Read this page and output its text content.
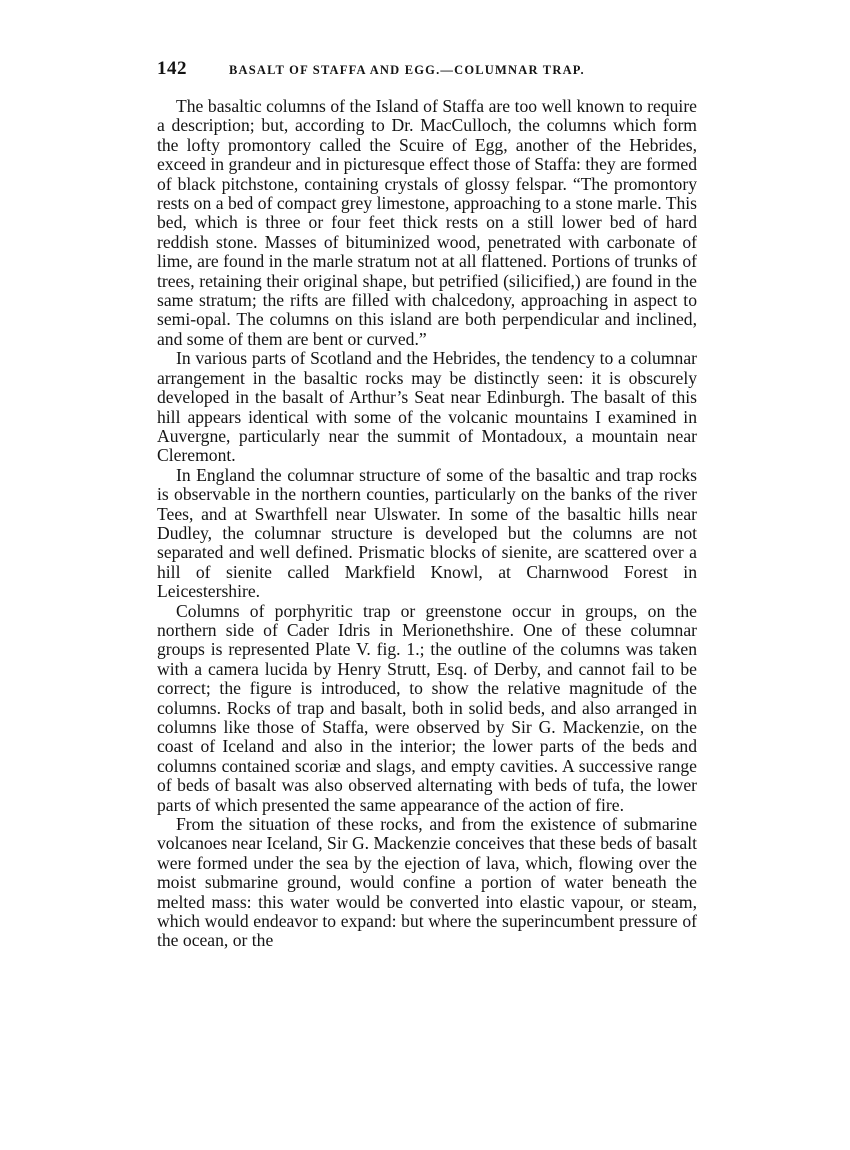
142	BASALT OF STAFFA AND EGG.—COLUMNAR TRAP.

The basaltic columns of the Island of Staffa are too well known to require a description; but, according to Dr. MacCulloch, the columns which form the lofty promontory called the Scuire of Egg, another of the Hebrides, exceed in grandeur and in picturesque effect those of Staffa: they are formed of black pitchstone, containing crystals of glossy felspar. “The promontory rests on a bed of compact grey limestone, approaching to a stone marle. This bed, which is three or four feet thick rests on a still lower bed of hard reddish stone. Masses of bituminized wood, penetrated with carbonate of lime, are found in the marle stratum not at all flattened. Portions of trunks of trees, retaining their original shape, but petrified (silicified,) are found in the same stratum; the rifts are filled with chalcedony, approaching in aspect to semi-opal. The columns on this island are both perpendicular and inclined, and some of them are bent or curved.”

In various parts of Scotland and the Hebrides, the tendency to a columnar arrangement in the basaltic rocks may be distinctly seen: it is obscurely developed in the basalt of Arthur’s Seat near Edinburgh. The basalt of this hill appears identical with some of the volcanic mountains I examined in Auvergne, particularly near the summit of Montadoux, a mountain near Cleremont.

In England the columnar structure of some of the basaltic and trap rocks is observable in the northern counties, particularly on the banks of the river Tees, and at Swarthfell near Ulswater. In some of the basaltic hills near Dudley, the columnar structure is developed but the columns are not separated and well defined. Prismatic blocks of sienite, are scattered over a hill of sienite called Markfield Knowl, at Charnwood Forest in Leicestershire.

Columns of porphyritic trap or greenstone occur in groups, on the northern side of Cader Idris in Merionethshire. One of these columnar groups is represented Plate V. fig. 1.; the outline of the columns was taken with a camera lucida by Henry Strutt, Esq. of Derby, and cannot fail to be correct; the figure is introduced, to show the relative magnitude of the columns. Rocks of trap and basalt, both in solid beds, and also arranged in columns like those of Staffa, were observed by Sir G. Mackenzie, on the coast of Iceland and also in the interior; the lower parts of the beds and columns contained scoriæ and slags, and empty cavities. A successive range of beds of basalt was also observed alternating with beds of tufa, the lower parts of which presented the same appearance of the action of fire.

From the situation of these rocks, and from the existence of submarine volcanoes near Iceland, Sir G. Mackenzie conceives that these beds of basalt were formed under the sea by the ejection of lava, which, flowing over the moist submarine ground, would confine a portion of water beneath the melted mass: this water would be converted into elastic vapour, or steam, which would endeavor to expand: but where the superincumbent pressure of the ocean, or the
